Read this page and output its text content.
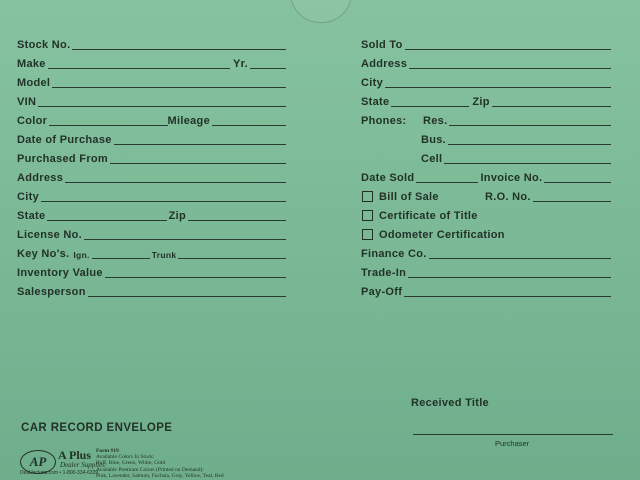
Stock No.
Make	Yr.
Model
VIN
Color	Mileage
Date of Purchase
Purchased From
Address
City
State	Zip
License No.
Key No's. Ign.	Trunk
Inventory Value
Salesperson
Sold To
Address
City
State	Zip
Phones:	Res.
Bus.
Cell
Date Sold	Invoice No.
Bill of Sale	R.O. No.
Certificate of Title
Odometer Certification
Finance Co.
Trade-In
Pay-Off
Received Title
Purchaser
CAR RECORD ENVELOPE
AP A Plus
Dealer Supplies
DealJackets.com • 1-800-334-6339
Form #19
Available Colors In Stock:
Buff, Blue, Green, White, Gold
Available Premium Colors (Printed on Demand):
Pink, Lavender, Salmon, Fuchsia, Gray, Yellow, Teal, Red
